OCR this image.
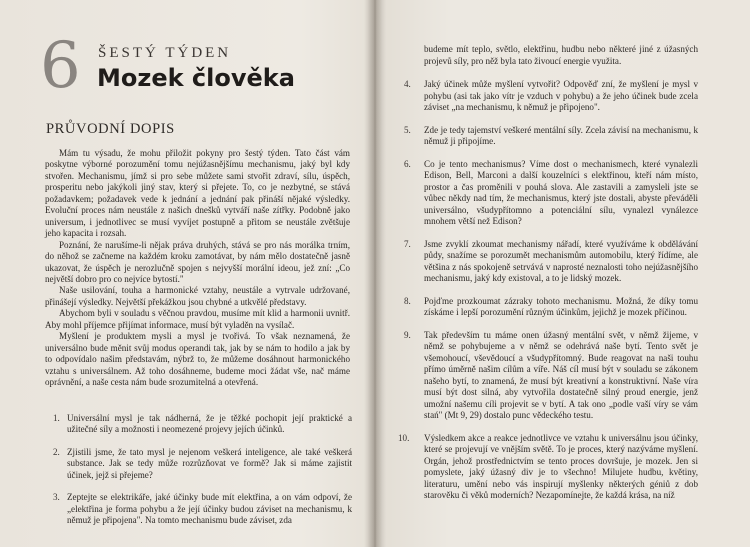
6 ŠESTÝ TÝDEN
Mozek člověka
PRŮVODNÍ DOPIS

Mám tu výsadu, že mohu přiložit pokyny pro šestý týden. Tato část vám poskytne výborné porozumění tomu nejúžasnějšímu mechanismu, jaký byl kdy stvořen. Mechanismu, jímž si pro sebe můžete sami stvořit zdraví, sílu, úspěch, prosperitu nebo jakýkoli jiný stav, který si přejete. To, co je nezbytné, se stává požadavkem; požadavek vede k jednání a jednání pak přináší nějaké výsledky. Evoluční proces nám neustále z našich dnešků vytváří naše zítřky. Podobně jako universum, i jednotlivec se musí vyvíjet postupně a přitom se neustále zvětšuje jeho kapacita i rozsah.

Poznání, že narušíme-li nějak práva druhých, stává se pro nás morálka trním, do něhož se začneme na každém kroku zamotávat, by nám mělo dostatečně jasně ukazovat, že úspěch je nerozlučně spojen s nejvyšší morální ideou, jež zní: „Co největší dobro pro co nejvíce bytostí."

Naše usilování, touha a harmonické vztahy, neustále a vytrvale udržované, přinášejí výsledky. Největší překážkou jsou chybné a utkvělé představy.

Abychom byli v souladu s věčnou pravdou, musíme mít klid a harmonii uvnitř. Aby mohl příjemce přijímat informace, musí být vyladěn na vysílač.

Myšlení je produktem mysli a mysl je tvořivá. To však neznamená, že universálno bude měnit svůj modus operandi tak, jak by se nám to hodilo a jak by to odpovídalo našim představám, nýbrž to, že můžeme dosáhnout harmonického vztahu s universálnem. Až toho dosáhneme, budeme moci žádat vše, nač máme oprávnění, a naše cesta nám bude srozumitelná a otevřená.

1. Universální mysl je tak nádherná, že je těžké pochopit její praktické a užitečné síly a možnosti i neomezené projevy jejích účinků.
2. Zjistili jsme, že tato mysl je nejenom veškerá inteligence, ale také veškerá substance. Jak se tedy může rozrůzňovat ve formě? Jak si máme zajistit účinek, jejž si přejeme?
3. Zeptejte se elektrikáře, jaké účinky bude mít elektřina, a on vám odpoví, že „elektřina je forma pohybu a že její účinky budou záviset na mechanismu, k němuž je připojena". Na tomto mechanismu bude záviset, zda
budeme mít teplo, světlo, elektřinu, hudbu nebo některé jiné z úžasných projevů síly, pro něž byla tato živoucí energie využita.
4. Jaký účinek může myšlení vytvořit? Odpověď zní, že myšlení je mysl v pohybu (asi tak jako vítr je vzduch v pohybu) a že jeho účinek bude zcela záviset „na mechanismu, k němuž je připojeno".
5. Zde je tedy tajemství veškeré mentální síly. Zcela závisí na mechanismu, k němuž ji připojíme.
6. Co je tento mechanismus? Víme dost o mechanismech, které vynalezli Edison, Bell, Marconi a další kouzelníci s elektřinou, kteří nám místo, prostor a čas proměnili v pouhá slova. Ale zastavili a zamysleli jste se vůbec někdy nad tím, že mechanismus, který jste dostali, abyste převáděli universálno, všudypřítomno a potenciální sílu, vynalezl vynálezce mnohem větší než Edison?
7. Jsme zvyklí zkoumat mechanismy nářadí, které využíváme k obdělávání půdy, snažíme se porozumět mechanismům automobilu, který řídíme, ale většina z nás spokojeně setrvává v naprosté neznalosti toho nejúžasnějšího mechanismu, jaký kdy existoval, a to je lidský mozek.
8. Pojďme prozkoumat zázraky tohoto mechanismu. Možná, že díky tomu získáme i lepší porozumění různým účinkům, jejichž je mozek příčinou.
9. Tak především tu máme onen úžasný mentální svět, v němž žijeme, v němž se pohybujeme a v němž se odehrává naše bytí. Tento svět je všemohoucí, vševědoucí a všudypřítomný. Bude reagovat na naši touhu přímo úměrně našim cílům a víře. Náš cíl musí být v souladu se zákonem našeho bytí, to znamená, že musí být kreativní a konstruktivní. Naše víra musí být dost silná, aby vytvořila dostatečně silný proud energie, jenž umožní našemu cíli projevit se v bytí. A tak ono „podle vaší víry se vám stań" (Mt 9, 29) dostalo punc vědeckého testu.
10. Výsledkem akce a reakce jednotlivce ve vztahu k universálnu jsou účinky, které se projevují ve vnějším světě. To je proces, který nazýváme myšlení. Orgán, jehož prostřednictvím se tento proces dovršuje, je mozek. Jen si pomyslete, jaký úžasný div je to všechno! Milujete hudbu, květiny, literaturu, umění nebo vás inspirují myšlenky některých géniů z dob starověku či věků moderních? Nezapomínejte, že každá krása, na níž
